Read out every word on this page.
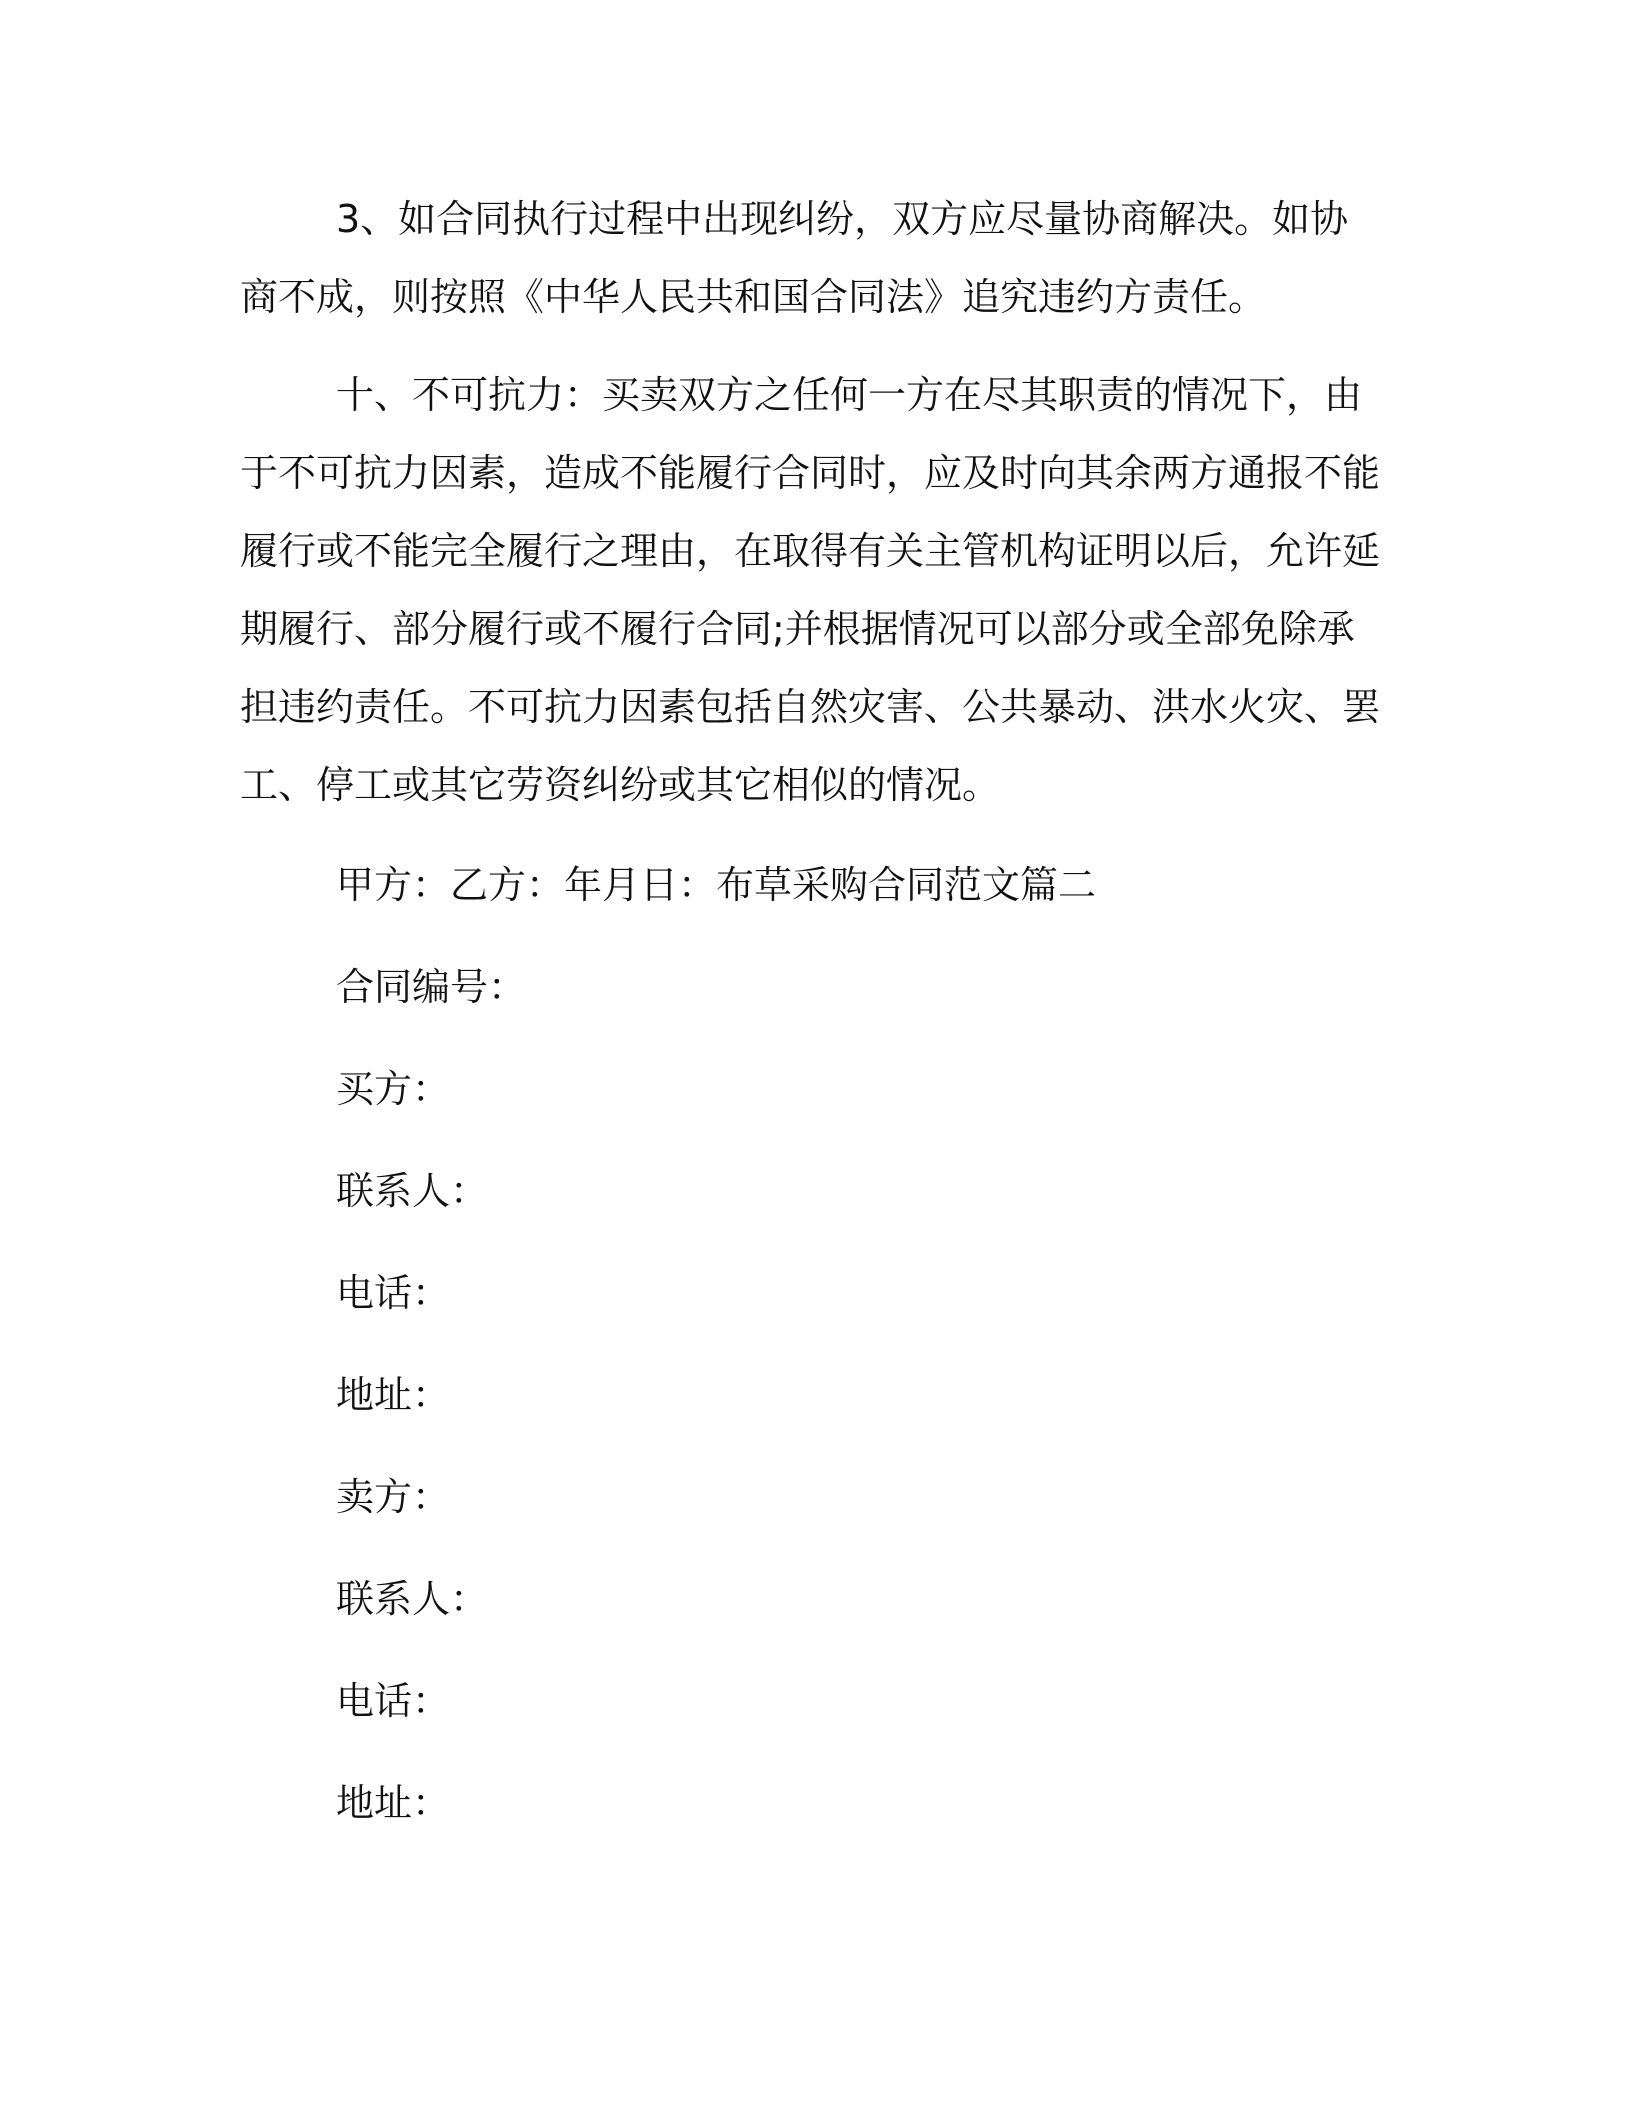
3、如合同执行过程中出现纠纷，双方应尽量协商解决。如协商不成，则按照《中华人民共和国合同法》追究违约方责任。

十、不可抗力：买卖双方之任何一方在尽其职责的情况下，由于不可抗力因素，造成不能履行合同时，应及时向其余两方通报不能履行或不能完全履行之理由，在取得有关主管机构证明以后，允许延期履行、部分履行或不履行合同;并根据情况可以部分或全部免除承担违约责任。不可抗力因素包括自然灾害、公共暴动、洪水火灾、罢工、停工或其它劳资纠纷或其它相似的情况。

甲方：乙方：年月日：布草采购合同范文篇二

合同编号：

买方：

联系人：

电话：

地址：

卖方：

联系人：

电话：

地址：
